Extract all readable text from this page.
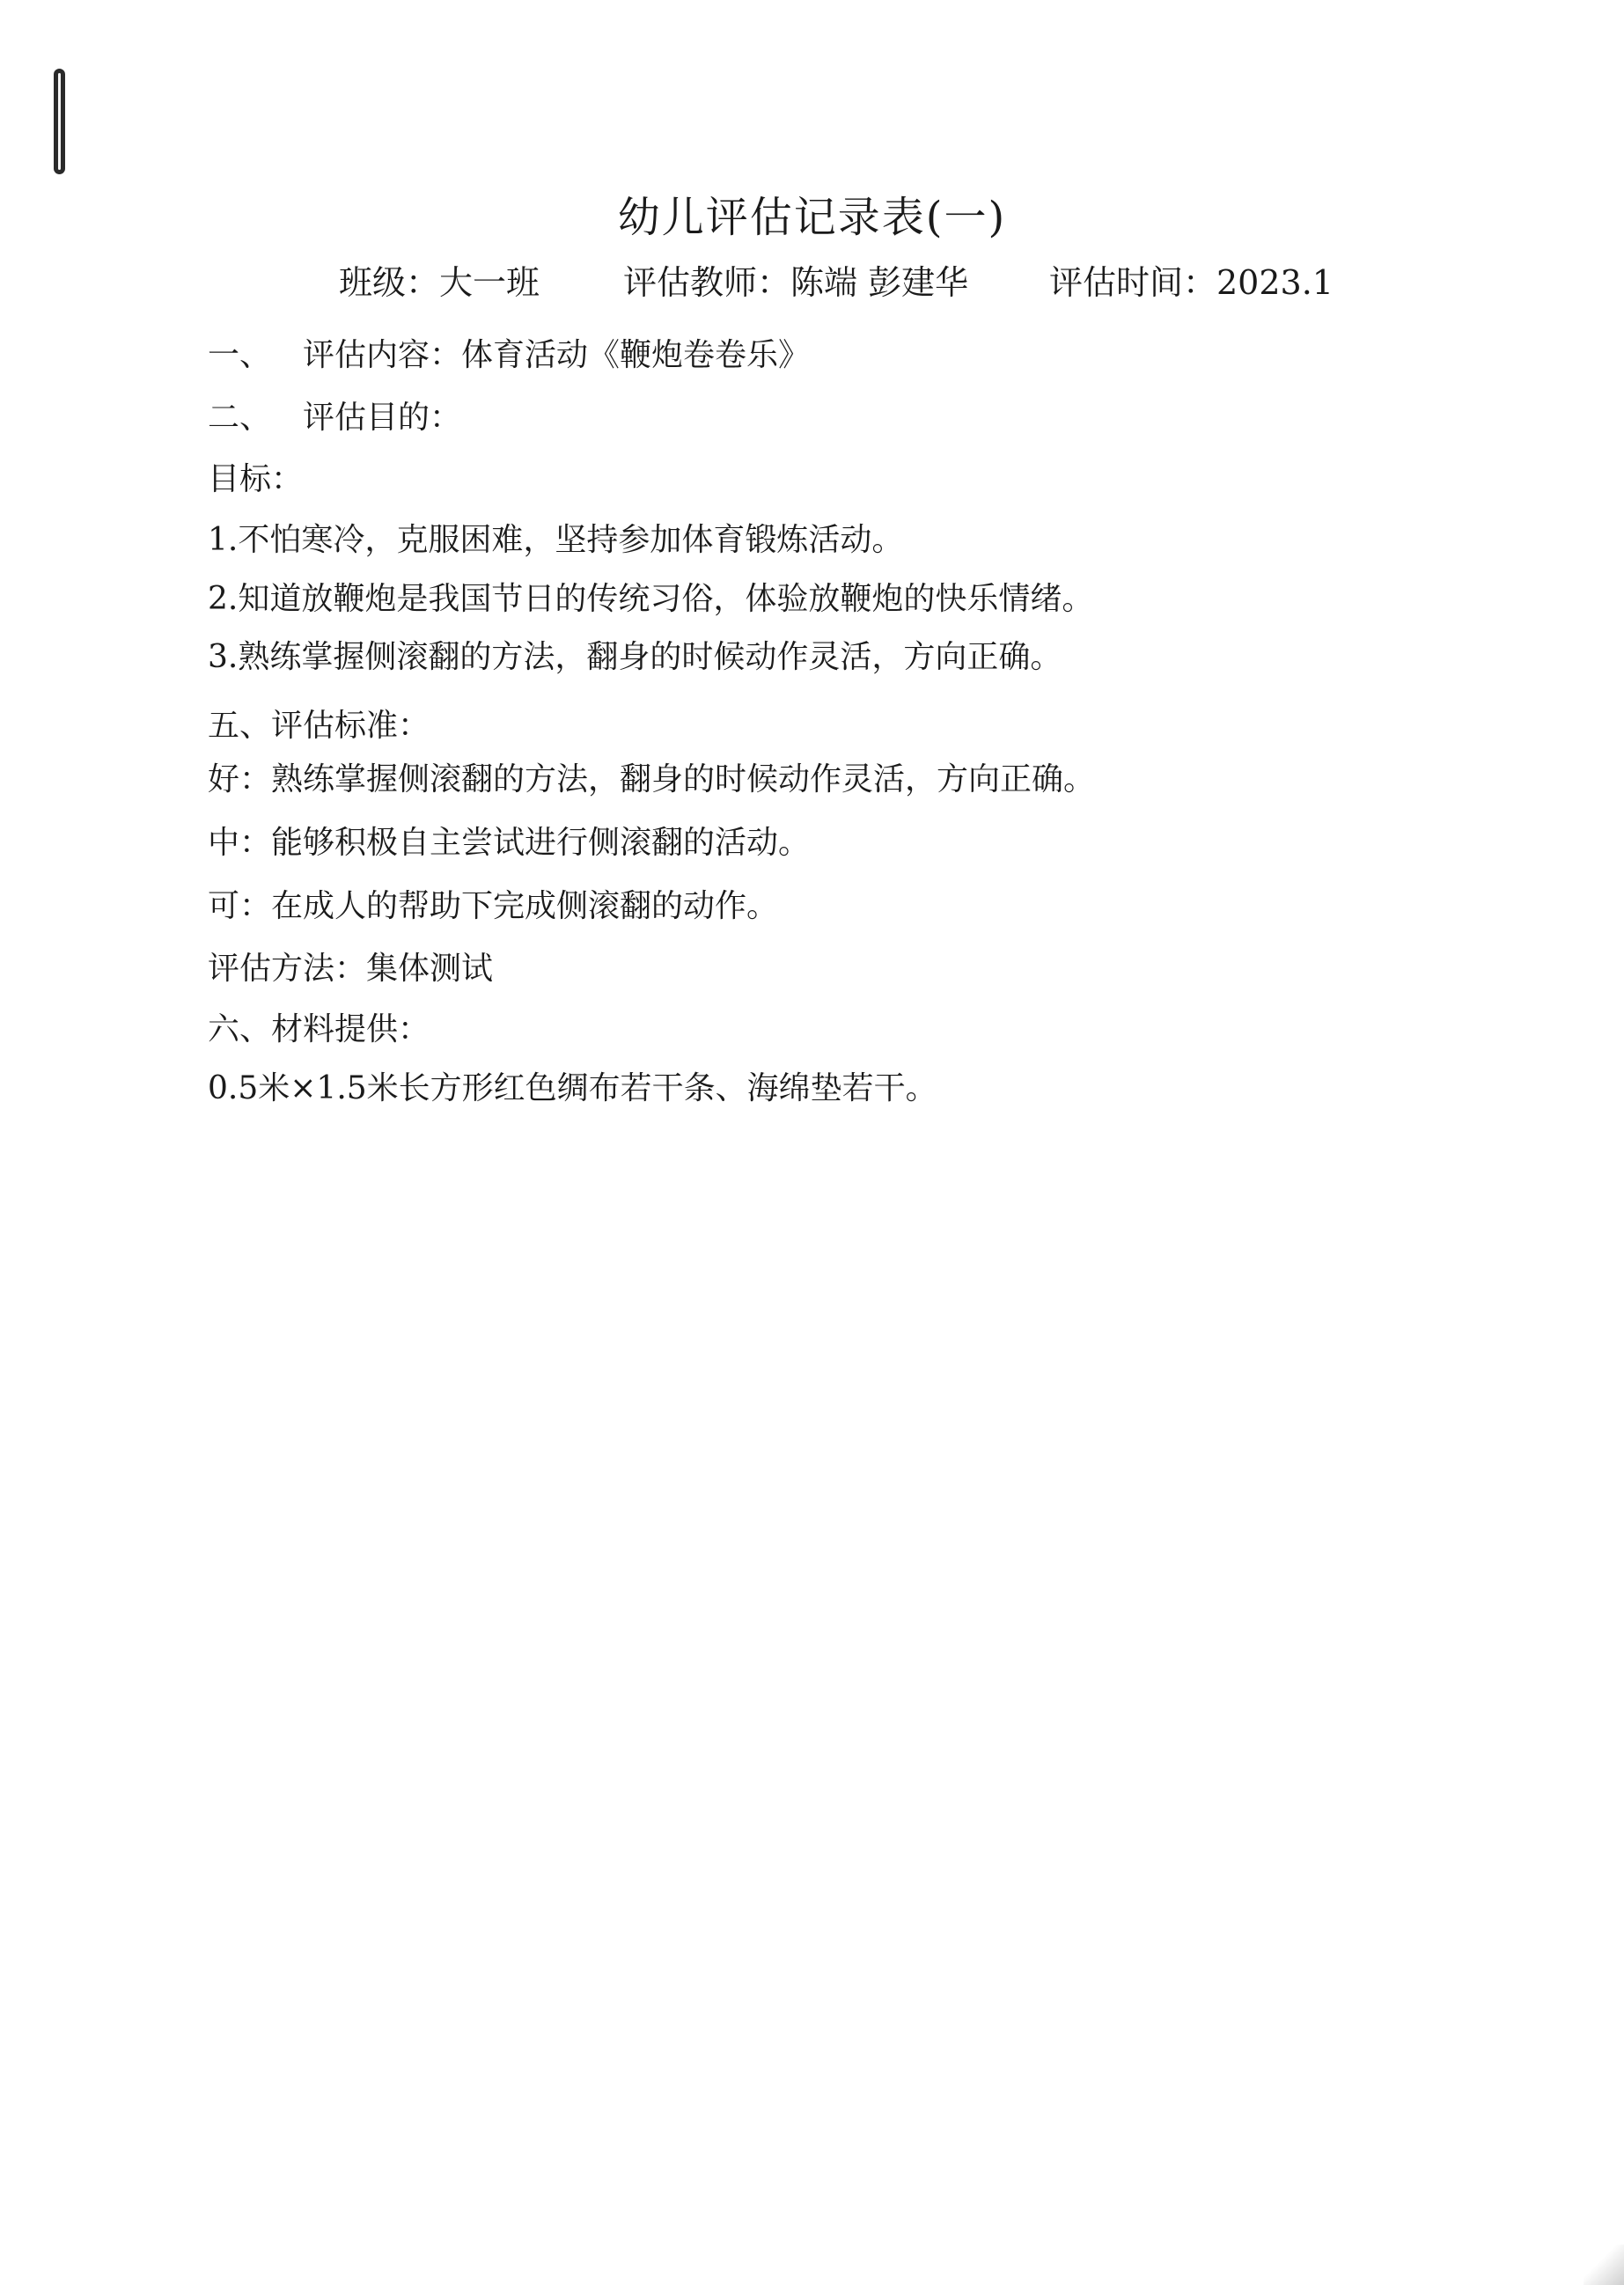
幼儿评估记录表(一)
班级：大一班 评估教师：陈端 彭建华 评估时间：2023.1
一、 评估内容：体育活动《鞭炮卷卷乐》
二、 评估目的：
目标：
1.不怕寒冷，克服困难，坚持参加体育锻炼活动。
2.知道放鞭炮是我国节日的传统习俗，体验放鞭炮的快乐情绪。
3.熟练掌握侧滚翻的方法，翻身的时候动作灵活，方向正确。
五、评估标准：
好：熟练掌握侧滚翻的方法，翻身的时候动作灵活，方向正确。
中：能够积极自主尝试进行侧滚翻的活动。
可：在成人的帮助下完成侧滚翻的动作。
评估方法：集体测试
六、材料提供：
0.5米×1.5米长方形红色绸布若干条、海绵垫若干。
